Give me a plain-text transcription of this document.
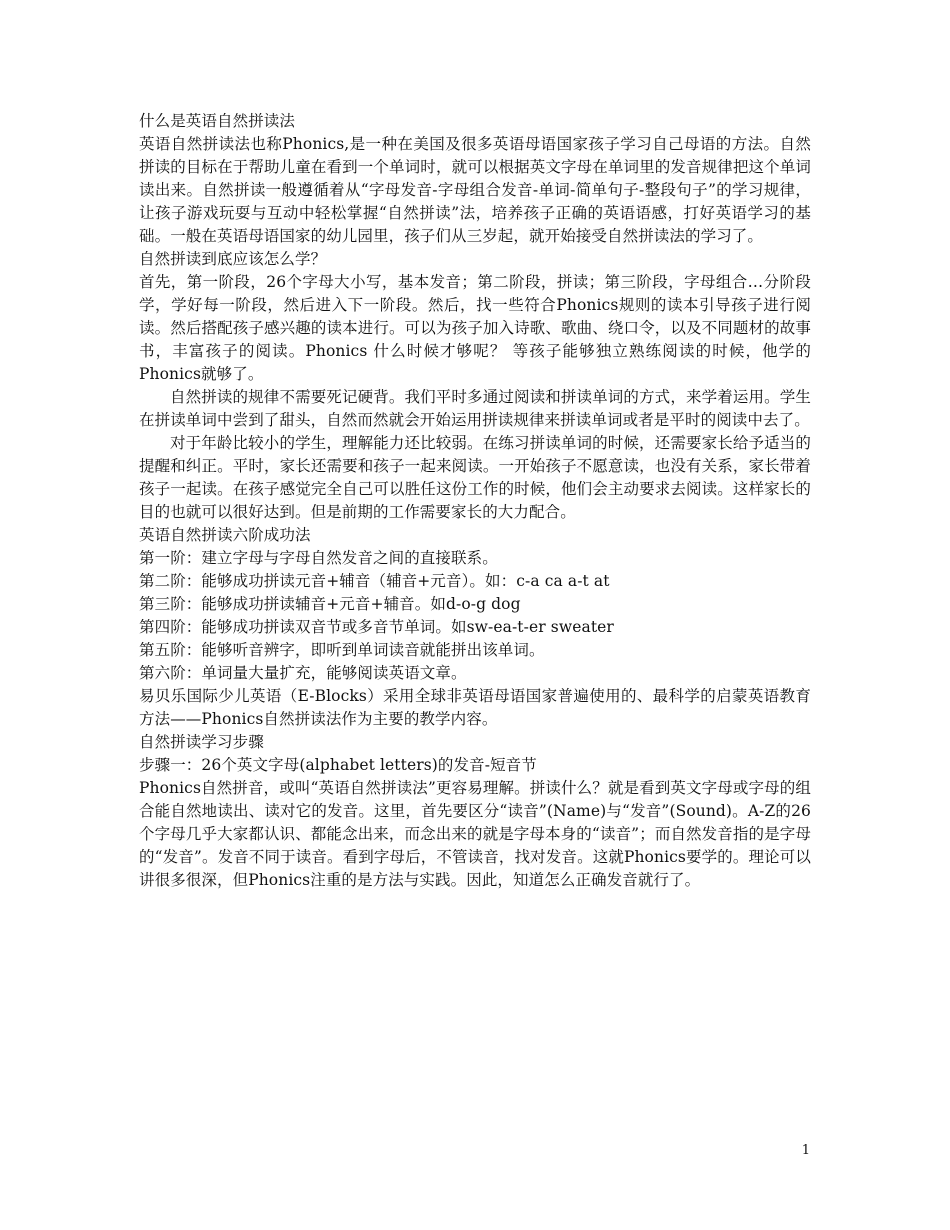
什么是英语自然拼读法

英语自然拼读法也称Phonics,是一种在美国及很多英语母语国家孩子学习自己母语的方法。自然拼读的目标在于帮助儿童在看到一个单词时，就可以根据英文字母在单词里的发音规律把这个单词读出来。自然拼读一般遵循着从“字母发音-字母组合发音-单词-简单句子-整段句子”的学习规律，让孩子游戏玩耍与互动中轻松掌握“自然拼读”法，培养孩子正确的英语语感，打好英语学习的基础。一般在英语母语国家的幼儿园里，孩子们从三岁起，就开始接受自然拼读法的学习了。

自然拼读到底应该怎么学？

首先，第一阶段，26个字母大小写，基本发音；第二阶段，拼读；第三阶段，字母组合…分阶段学，学好每一阶段，然后进入下一阶段。然后，找一些符合Phonics规则的读本引导孩子进行阅读。然后搭配孩子感兴趣的读本进行。可以为孩子加入诗歌、歌曲、绕口令，以及不同题材的故事书，丰富孩子的阅读。Phonics 什么时候才够呢？ 等孩子能够独立熟练阅读的时候，他学的Phonics就够了。

自然拼读的规律不需要死记硬背。我们平时多通过阅读和拼读单词的方式，来学着运用。学生在拼读单词中尝到了甜头，自然而然就会开始运用拼读规律来拼读单词或者是平时的阅读中去了。

对于年龄比较小的学生，理解能力还比较弱。在练习拼读单词的时候，还需要家长给予适当的提醒和纠正。平时，家长还需要和孩子一起来阅读。一开始孩子不愿意读，也没有关系，家长带着孩子一起读。在孩子感觉完全自己可以胜任这份工作的时候，他们会主动要求去阅读。这样家长的目的也就可以很好达到。但是前期的工作需要家长的大力配合。

英语自然拼读六阶成功法

第一阶：建立字母与字母自然发音之间的直接联系。

第二阶：能够成功拼读元音+辅音（辅音+元音）。如：c-a ca a-t at

第三阶：能够成功拼读辅音+元音+辅音。如d-o-g dog

第四阶：能够成功拼读双音节或多音节单词。如sw-ea-t-er sweater

第五阶：能够听音辨字，即听到单词读音就能拼出该单词。

第六阶：单词量大量扩充，能够阅读英语文章。

易贝乐国际少儿英语（E-Blocks）采用全球非英语母语国家普遍使用的、最科学的启蒙英语教育方法——Phonics自然拼读法作为主要的教学内容。

自然拼读学习步骤

步骤一：26个英文字母(alphabet letters)的发音-短音节

Phonics自然拼音，或叫“英语自然拼读法”更容易理解。拼读什么？就是看到英文字母或字母的组合能自然地读出、读对它的发音。这里，首先要区分“读音”(Name)与“发音”(Sound)。A-Z的26个字母几乎大家都认识、都能念出来，而念出来的就是字母本身的“读音”；而自然发音指的是字母的“发音”。发音不同于读音。看到字母后，不管读音，找对发音。这就Phonics要学的。理论可以讲很多很深，但Phonics注重的是方法与实践。因此，知道怎么正确发音就行了。

1
